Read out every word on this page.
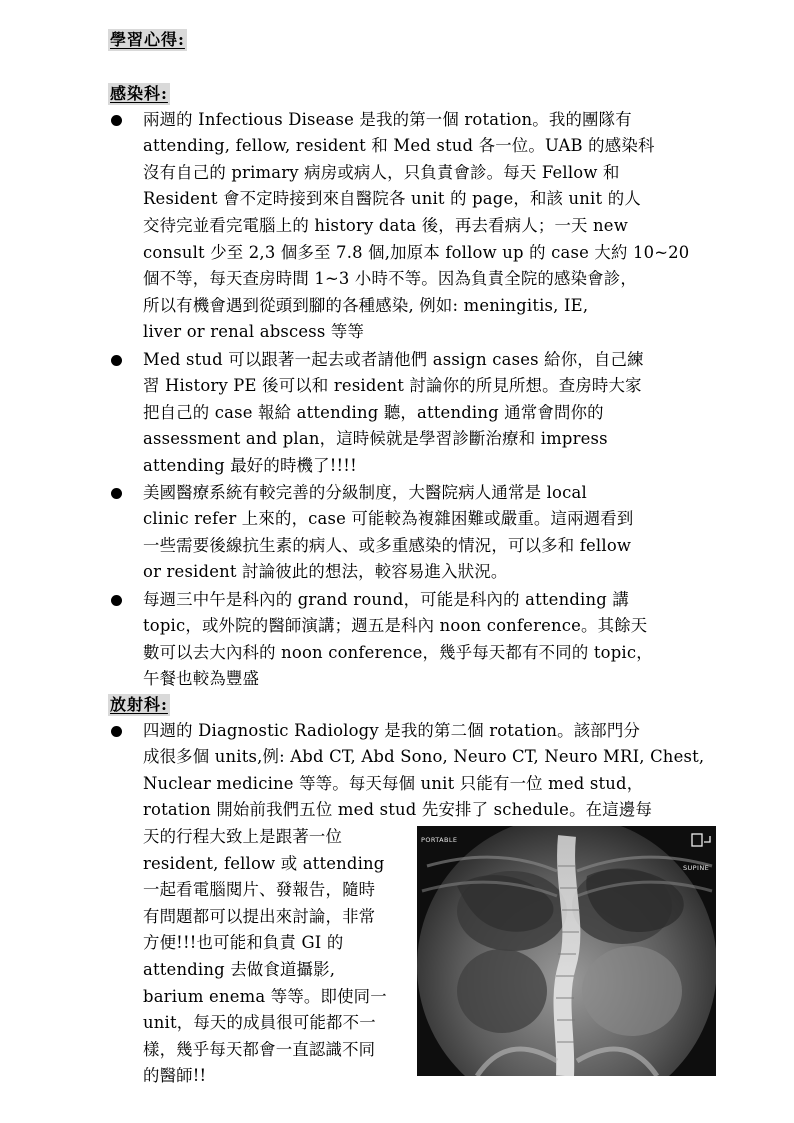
學習心得:
感染科:
兩週的 Infectious Disease 是我的第一個 rotation。我的團隊有
attending, fellow, resident 和 Med stud 各一位。UAB 的感染科
沒有自己的 primary 病房或病人，只負責會診。每天 Fellow 和
Resident 會不定時接到來自醫院各 unit 的 page，和該 unit 的人
交待完並看完電腦上的 history data 後，再去看病人；一天 new
consult 少至 2,3 個多至 7.8 個,加原本 follow up 的 case 大約 10~20
個不等，每天查房時間 1~3 小時不等。因為負責全院的感染會診，
所以有機會遇到從頭到腳的各種感染, 例如: meningitis, IE,
liver or renal abscess 等等
Med stud 可以跟著一起去或者請他們 assign cases 給你，自己練
習 History PE 後可以和 resident 討論你的所見所想。查房時大家
把自己的 case 報給 attending 聽，attending 通常會問你的
assessment and plan，這時候就是學習診斷治療和 impress
attending 最好的時機了!!!!
美國醫療系統有較完善的分級制度，大醫院病人通常是 local
clinic refer 上來的，case 可能較為複雜困難或嚴重。這兩週看到
一些需要後線抗生素的病人、或多重感染的情況，可以多和 fellow
or resident 討論彼此的想法，較容易進入狀況。
每週三中午是科內的 grand round，可能是科內的 attending 講
topic，或外院的醫師演講；週五是科內 noon conference。其餘天
數可以去大內科的 noon conference，幾乎每天都有不同的 topic，
午餐也較為豐盛
放射科:
四週的 Diagnostic Radiology 是我的第二個 rotation。該部門分
成很多個 units,例: Abd CT, Abd Sono, Neuro CT, Neuro MRI, Chest,
Nuclear medicine 等等。每天每個 unit 只能有一位 med stud，
rotation 開始前我們五位 med stud 先安排了 schedule。在這邊每
天的行程大致上是跟著一位
resident, fellow 或 attending
一起看電腦閱片、發報告，隨時
有問題都可以提出來討論，非常
方便!!!也可能和負責 GI 的
attending 去做食道攝影,
barium enema 等等。即使同一
unit，每天的成員很可能都不一
樣，幾乎每天都會一直認識不同
的醫師!!
PORTABLE
SUPINE
